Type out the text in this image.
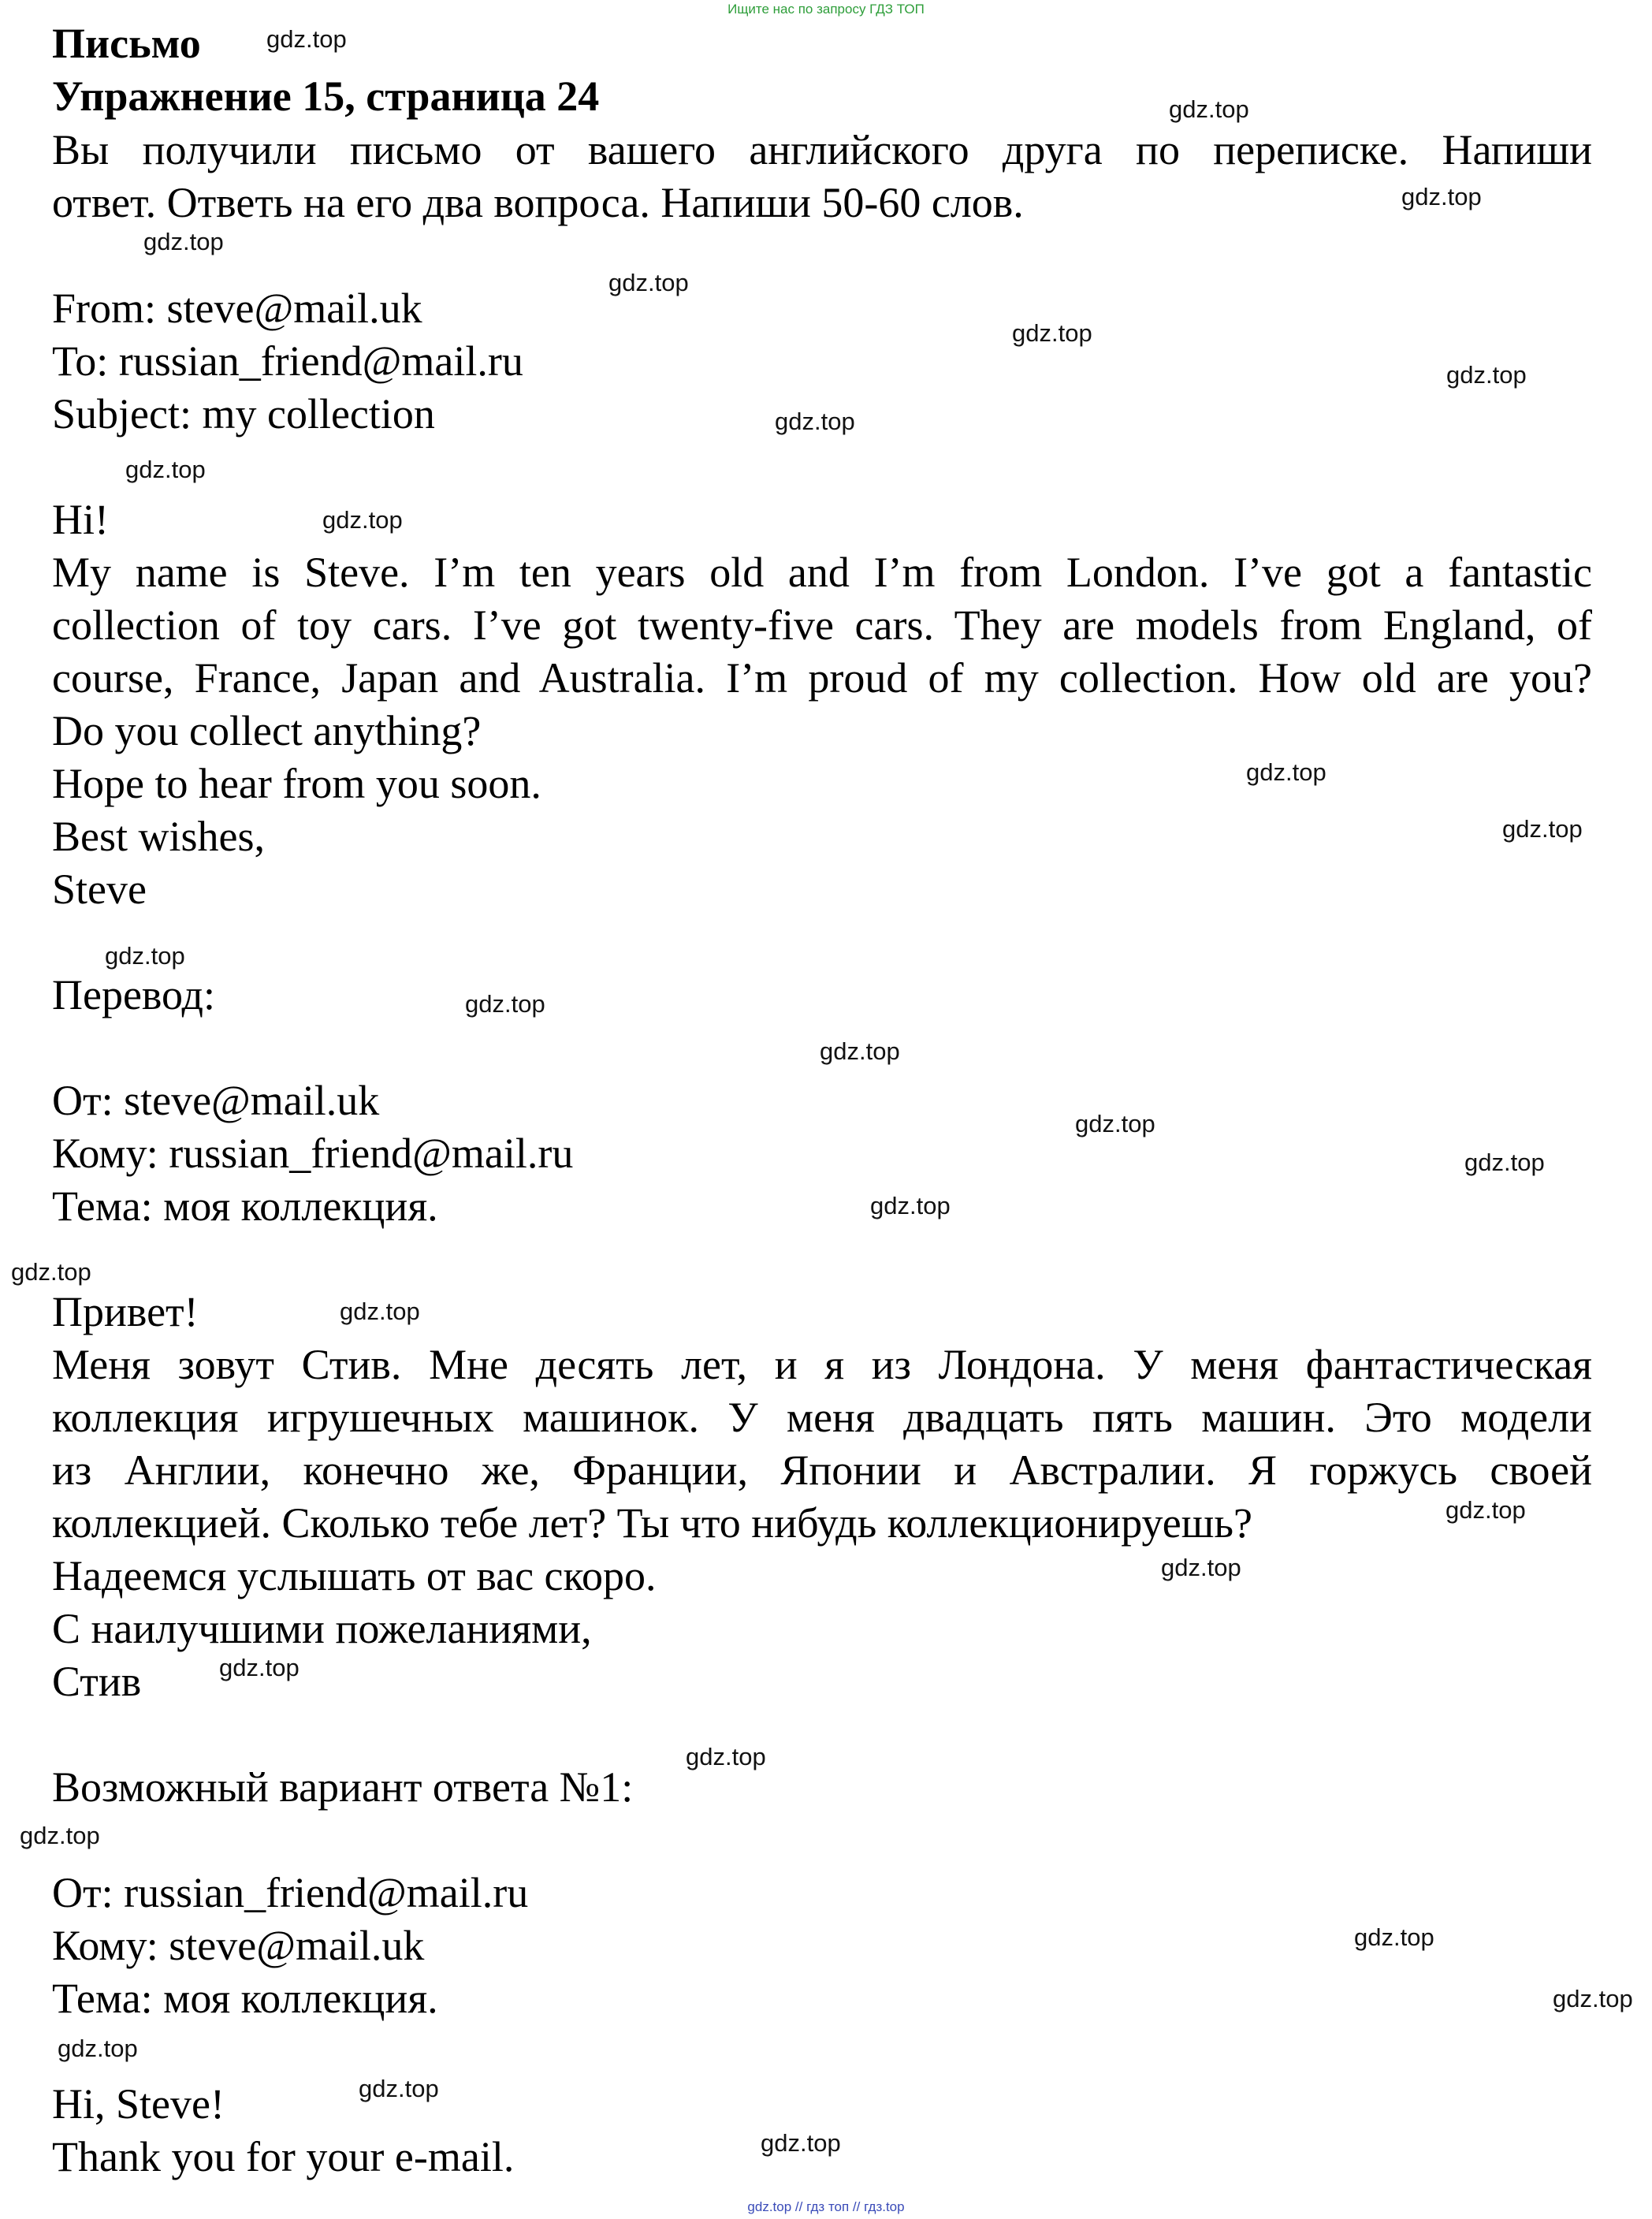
Ищите нас по запросу ГДЗ ТОП
Письмо
Упражнение 15, страница 24
Вы получили письмо от вашего английского друга по переписке. Напиши
ответ. Ответь на его два вопроса. Напиши 50-60 слов.
From: steve@mail.uk
To: russian_friend@mail.ru
Subject: my collection
Hi!
My name is Steve. I’m ten years old and I’m from London. I’ve got a fantastic
collection of toy cars. I’ve got twenty-five cars. They are models from England, of
course, France, Japan and Australia. I’m proud of my collection. How old are you?
Do you collect anything?
Hope to hear from you soon.
Best wishes,
Steve
Перевод:
От: steve@mail.uk
Кому: russian_friend@mail.ru
Тема: моя коллекция.
Привет!
Меня зовут Стив. Мне десять лет, и я из Лондона. У меня фантастическая
коллекция игрушечных машинок. У меня двадцать пять машин. Это модели
из Англии, конечно же, Франции, Японии и Австралии. Я горжусь своей
коллекцией. Сколько тебе лет? Ты что нибудь коллекционируешь?
Надеемся услышать от вас скоро.
С наилучшими пожеланиями,
Стив
Возможный вариант ответа №1:
От: russian_friend@mail.ru
Кому: steve@mail.uk
Тема: моя коллекция.
Hi, Steve!
Thank you for your e-mail.
gdz.top
gdz.top
gdz.top
gdz.top
gdz.top
gdz.top
gdz.top
gdz.top
gdz.top
gdz.top
gdz.top
gdz.top
gdz.top
gdz.top
gdz.top
gdz.top
gdz.top
gdz.top
gdz.top
gdz.top
gdz.top
gdz.top
gdz.top
gdz.top
gdz.top
gdz.top
gdz.top
gdz.top
gdz.top
gdz.top
gdz.top // гдз топ // гдз.top
